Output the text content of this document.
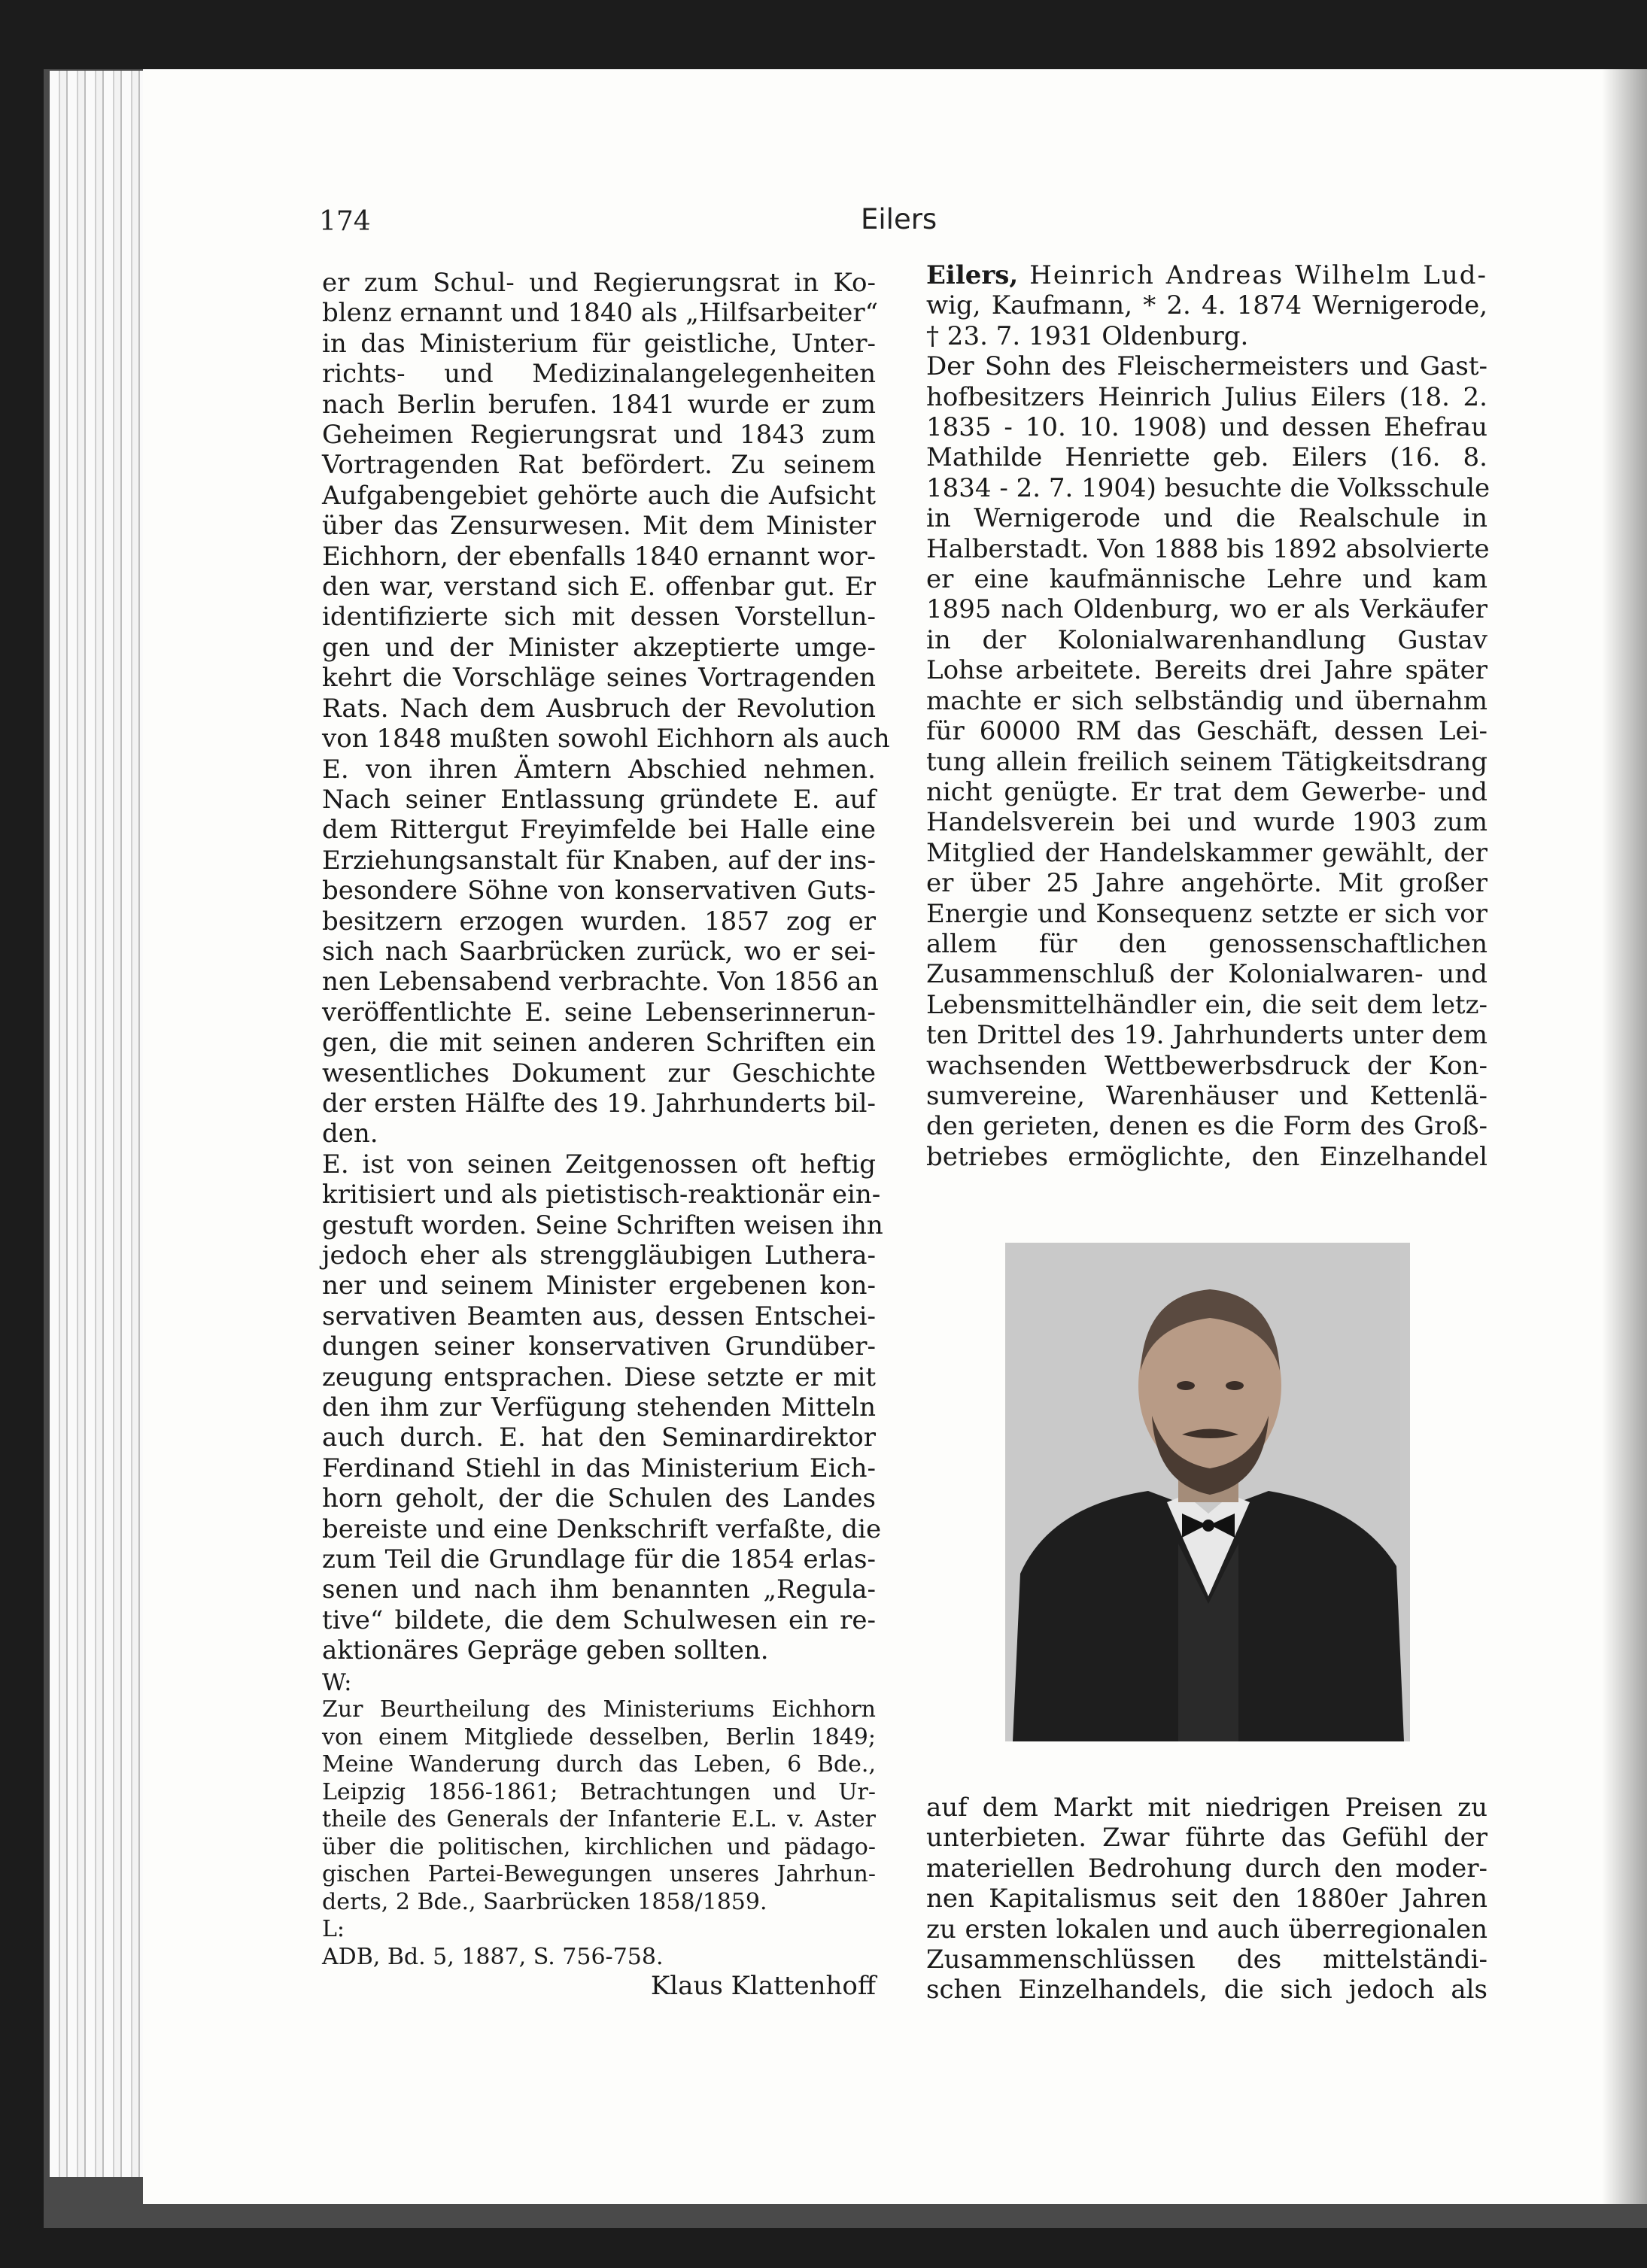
174	Eilers
er zum Schul- und Regierungsrat in Ko-
blenz ernannt und 1840 als „Hilfsarbeiter“
in das Ministerium für geistliche, Unter-
richts- und Medizinalangelegenheiten
nach Berlin berufen. 1841 wurde er zum
Geheimen Regierungsrat und 1843 zum
Vortragenden Rat befördert. Zu seinem
Aufgabengebiet gehörte auch die Aufsicht
über das Zensurwesen. Mit dem Minister
Eichhorn, der ebenfalls 1840 ernannt wor-
den war, verstand sich E. offenbar gut. Er
identifizierte sich mit dessen Vorstellun-
gen und der Minister akzeptierte umge-
kehrt die Vorschläge seines Vortragenden
Rats. Nach dem Ausbruch der Revolution
von 1848 mußten sowohl Eichhorn als auch
E. von ihren Ämtern Abschied nehmen.
Nach seiner Entlassung gründete E. auf
dem Rittergut Freyimfelde bei Halle eine
Erziehungsanstalt für Knaben, auf der ins-
besondere Söhne von konservativen Guts-
besitzern erzogen wurden. 1857 zog er
sich nach Saarbrücken zurück, wo er sei-
nen Lebensabend verbrachte. Von 1856 an
veröffentlichte E. seine Lebenserinnerun-
gen, die mit seinen anderen Schriften ein
wesentliches Dokument zur Geschichte
der ersten Hälfte des 19. Jahrhunderts bil-
den.
E. ist von seinen Zeitgenossen oft heftig
kritisiert und als pietistisch-reaktionär ein-
gestuft worden. Seine Schriften weisen ihn
jedoch eher als strenggläubigen Luthera-
ner und seinem Minister ergebenen kon-
servativen Beamten aus, dessen Entschei-
dungen seiner konservativen Grundüber-
zeugung entsprachen. Diese setzte er mit
den ihm zur Verfügung stehenden Mitteln
auch durch. E. hat den Seminardirektor
Ferdinand Stiehl in das Ministerium Eich-
horn geholt, der die Schulen des Landes
bereiste und eine Denkschrift verfaßte, die
zum Teil die Grundlage für die 1854 erlas-
senen und nach ihm benannten „Regula-
tive“ bildete, die dem Schulwesen ein re-
aktionäres Gepräge geben sollten.
W:
Zur Beurtheilung des Ministeriums Eichhorn
von einem Mitgliede desselben, Berlin 1849;
Meine Wanderung durch das Leben, 6 Bde.,
Leipzig 1856-1861; Betrachtungen und Ur-
theile des Generals der Infanterie E.L. v. Aster
über die politischen, kirchlichen und pädago-
gischen Partei-Bewegungen unseres Jahrhun-
derts, 2 Bde., Saarbrücken 1858/1859.
L:
ADB, Bd. 5, 1887, S. 756-758.
Klaus Klattenhoff
Eilers, Heinrich Andreas Wilhelm Lud-
wig, Kaufmann, * 2. 4. 1874 Wernigerode,
† 23. 7. 1931 Oldenburg.
Der Sohn des Fleischermeisters und Gast-
hofbesitzers Heinrich Julius Eilers (18. 2.
1835 - 10. 10. 1908) und dessen Ehefrau
Mathilde Henriette geb. Eilers (16. 8.
1834 - 2. 7. 1904) besuchte die Volksschule
in Wernigerode und die Realschule in
Halberstadt. Von 1888 bis 1892 absolvierte
er eine kaufmännische Lehre und kam
1895 nach Oldenburg, wo er als Verkäufer
in der Kolonialwarenhandlung Gustav
Lohse arbeitete. Bereits drei Jahre später
machte er sich selbständig und übernahm
für 60000 RM das Geschäft, dessen Lei-
tung allein freilich seinem Tätigkeitsdrang
nicht genügte. Er trat dem Gewerbe- und
Handelsverein bei und wurde 1903 zum
Mitglied der Handelskammer gewählt, der
er über 25 Jahre angehörte. Mit großer
Energie und Konsequenz setzte er sich vor
allem für den genossenschaftlichen
Zusammenschluß der Kolonialwaren- und
Lebensmittelhändler ein, die seit dem letz-
ten Drittel des 19. Jahrhunderts unter dem
wachsenden Wettbewerbsdruck der Kon-
sumvereine, Warenhäuser und Kettenlä-
den gerieten, denen es die Form des Groß-
betriebes ermöglichte, den Einzelhandel
auf dem Markt mit niedrigen Preisen zu
unterbieten. Zwar führte das Gefühl der
materiellen Bedrohung durch den moder-
nen Kapitalismus seit den 1880er Jahren
zu ersten lokalen und auch überregionalen
Zusammenschlüssen des mittelständi-
schen Einzelhandels, die sich jedoch als
